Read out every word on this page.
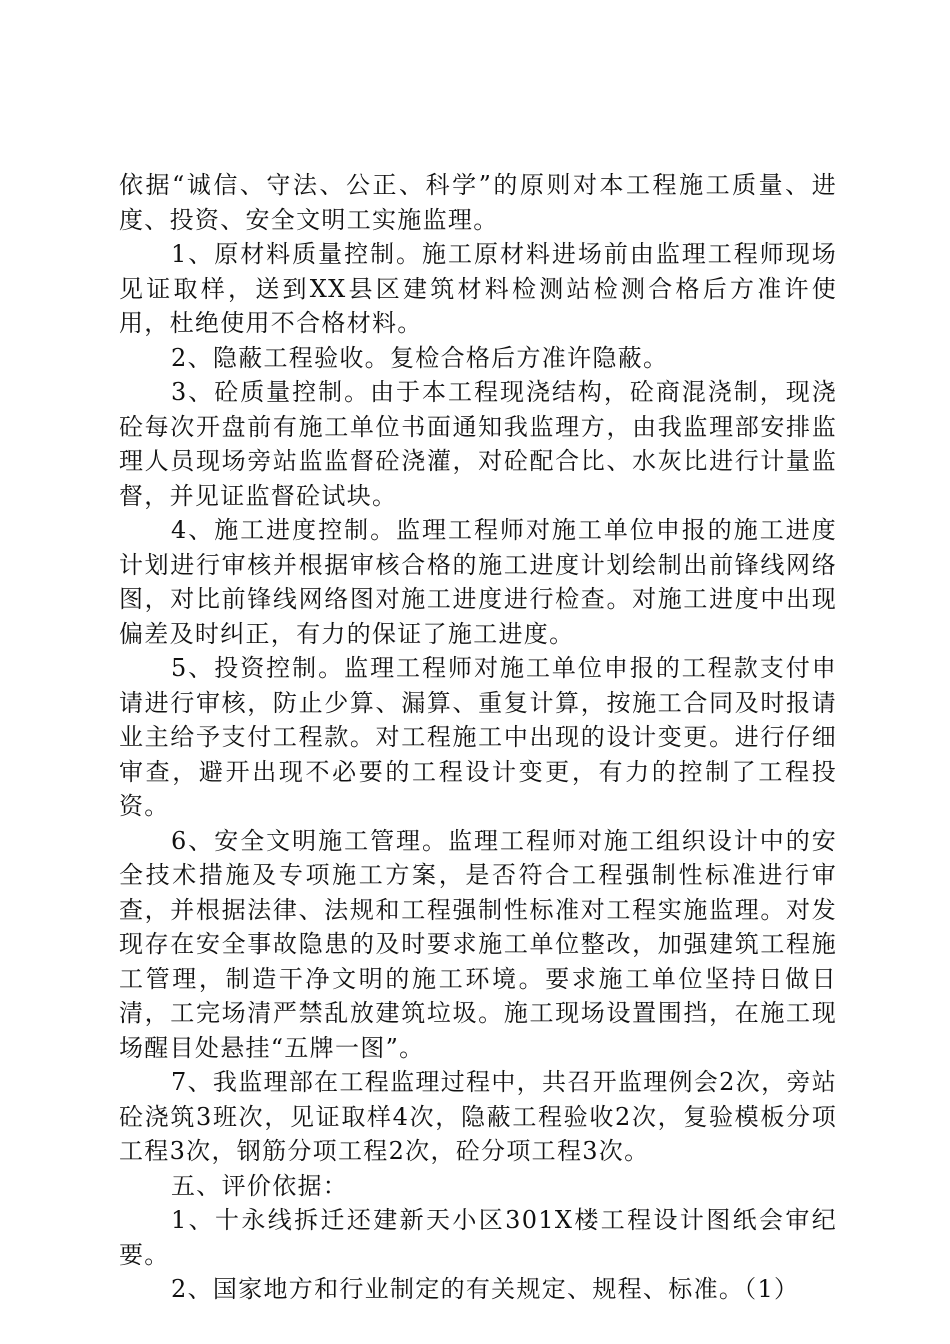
依据“诚信、守法、公正、科学”的原则对本工程施工质量、进度、投资、安全文明工实施监理。

1、原材料质量控制。施工原材料进场前由监理工程师现场见证取样，送到XX县区建筑材料检测站检测合格后方准许使用，杜绝使用不合格材料。

2、隐蔽工程验收。复检合格后方准许隐蔽。

3、砼质量控制。由于本工程现浇结构，砼商混浇制，现浇砼每次开盘前有施工单位书面通知我监理方，由我监理部安排监理人员现场旁站监监督砼浇灌，对砼配合比、水灰比进行计量监督，并见证监督砼试块。

4、施工进度控制。监理工程师对施工单位申报的施工进度计划进行审核并根据审核合格的施工进度计划绘制出前锋线网络图，对比前锋线网络图对施工进度进行检查。对施工进度中出现偏差及时纠正，有力的保证了施工进度。

5、投资控制。监理工程师对施工单位申报的工程款支付申请进行审核，防止少算、漏算、重复计算，按施工合同及时报请业主给予支付工程款。对工程施工中出现的设计变更。进行仔细审查，避开出现不必要的工程设计变更，有力的控制了工程投资。

6、安全文明施工管理。监理工程师对施工组织设计中的安全技术措施及专项施工方案，是否符合工程强制性标准进行审查，并根据法律、法规和工程强制性标准对工程实施监理。对发现存在安全事故隐患的及时要求施工单位整改，加强建筑工程施工管理，制造干净文明的施工环境。要求施工单位坚持日做日清，工完场清严禁乱放建筑垃圾。施工现场设置围挡，在施工现场醒目处悬挂“五牌一图”。

7、我监理部在工程监理过程中，共召开监理例会2次，旁站砼浇筑3班次，见证取样4次，隐蔽工程验收2次，复验模板分项工程3次，钢筋分项工程2次，砼分项工程3次。

五、评价依据：

1、十永线拆迁还建新天小区301X楼工程设计图纸会审纪要。

2、国家地方和行业制定的有关规定、规程、标准。（1）
